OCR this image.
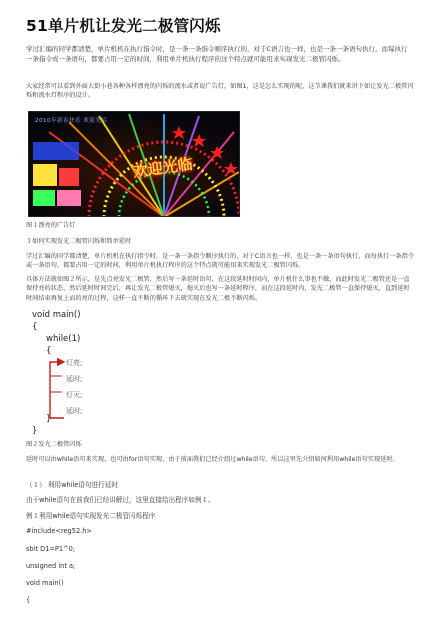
51单片机让发光二极管闪烁
学过汇编的同学都清楚，单片机机在执行指令时，是一条一条指令顺序执行的，对于C语言也一样，也是一条一条语句执行，而每执行一条指令或一条语句，都要占用一定的时间，利用单片机执行程序的这个特点就可能用来实现发光二极管闪烁。
大家经常可以看到外面大街小巷各种各样漂亮的闪烁的流水或者说广告灯，如图1，这是怎么实现的呢，这节课我们就来讲下如让发光二极管闪烁和流水灯程序的设计。
2010年新春快乐 欢迎光临
欢迎光临
图１漂亮的广告灯
１如何实现发光二极管闪烁和简单延时
学过汇编的同学都清楚，单片机机在执行指令时，是一条一条指令顺序执行的，对于C语言也一样，也是一条一条语句执行，而每执行一条指令或一条语句，都要占用一定的时间，利用单片机执行程序的这个特点就可能用来实现发光二极管闪烁。
具体方法就如图２所示，是先点亮发光二极管，然后写一条延时语句，在这段延时时间内，单片机什么事也不做，而此时发光二极管还是一直保持亮的状态，然后延时时间完后，再让发光二极管熄灭，熄灭后也写一条延时程序，而在这段延时内，发光二极管一直保持熄灭，直到延时时间结束再复上而的亮的过程，这样一直不断的循环下去就实现在发光二极不断闪烁。
void main()
{
while(1)
{
灯亮;
延时;
灯灭;
延时;
}
}
图２发光二极管闪烁
延时可以由while语句来实现，也可由for语句实现，由于前面我们已经介绍过while语句，所以这里先介绍如何利用while语句实现延时。
（１） 利用while语句进行延时
由于while语句在前我们已经讲解过，这里直接给出程序如例１。
例１利用while语句实现发光二极管闪烁程序
#include<reg52.h>
sbit D1=P1^0;
unsigned int a;
void main()
{
